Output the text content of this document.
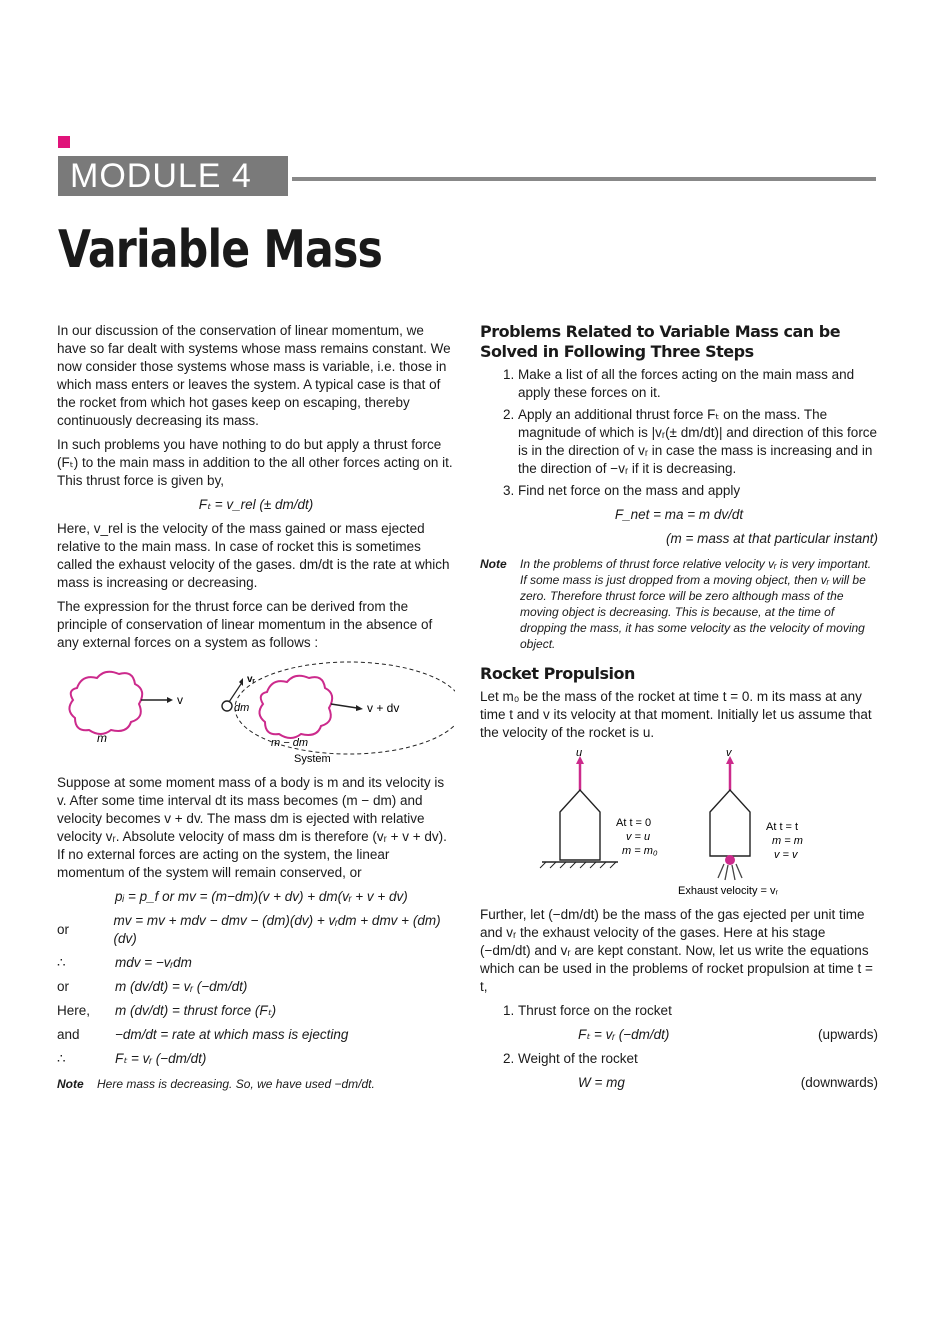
MODULE 4
Variable Mass

In our discussion of the conservation of linear momentum, we have so far dealt with systems whose mass remains constant. We now consider those systems whose mass is variable, i.e. those in which mass enters or leaves the system. A typical case is that of the rocket from which hot gases keep on escaping, thereby continuously decreasing its mass.

In such problems you have nothing to do but apply a thrust force (Fₜ) to the main mass in addition to the all other forces acting on it. This thrust force is given by,

Fₜ = v_rel (± dm/dt)

Here, v_rel is the velocity of the mass gained or mass ejected relative to the main mass. In case of rocket this is sometimes called the exhaust velocity of the gases. dm/dt is the rate at which mass is increasing or decreasing.

The expression for the thrust force can be derived from the principle of conservation of linear momentum in the absence of any external forces on a system as follows :

v
m
vᵣ
dm	v + dv
m − dm
System

Suppose at some moment mass of a body is m and its velocity is v. After some time interval dt its mass becomes (m − dm) and velocity becomes v + dv. The mass dm is ejected with relative velocity vᵣ. Absolute velocity of mass dm is therefore (vᵣ + v + dv). If no external forces are acting on the system, the linear momentum of the system will remain conserved, or

pᵢ = p_f or mv = (m−dm)(v + dv) + dm(vᵣ + v + dv)
or
mv = mv + mdv − dmv − (dm)(dv) + vᵣdm + dmv + (dm)(dv)
∴	mdv = −vᵣdm
or	m (dv/dt) = vᵣ (−dm/dt)
Here,	m (dv/dt) = thrust force (Fₜ)
and	−dm/dt = rate at which mass is ejecting
∴	Fₜ = vᵣ (−dm/dt)
Note	Here mass is decreasing. So, we have used −dm/dt.
Problems Related to Variable Mass can be Solved in Following Three Steps
1. Make a list of all the forces acting on the main mass and apply these forces on it.
2. Apply an additional thrust force Fₜ on the mass. The magnitude of which is |vᵣ(± dm/dt)| and direction of this force is in the direction of vᵣ in case the mass is increasing and in the direction of −vᵣ if it is decreasing.
3. Find net force on the mass and apply
F_net = ma = m dv/dt
(m = mass at that particular instant)
Note	In the problems of thrust force relative velocity vᵣ is very important. If some mass is just dropped from a moving object, then vᵣ will be zero. Therefore thrust force will be zero although mass of the moving object is decreasing. This is because, at the time of dropping the mass, it has some velocity as the velocity of moving object.
Rocket Propulsion

Let m₀ be the mass of the rocket at time t = 0. m its mass at any time t and v its velocity at that moment. Initially let us assume that the velocity of the rocket is u.

u
At t = 0
v = u
m = m₀
v
At t = t
m = m
v = v
Exhaust velocity = vᵣ

Further, let (−dm/dt) be the mass of the gas ejected per unit time and vᵣ the exhaust velocity of the gases. Here at his stage (−dm/dt) and vᵣ are kept constant. Now, let us write the equations which can be used in the problems of rocket propulsion at time t = t,

1. Thrust force on the rocket
Fₜ = vᵣ (−dm/dt)	(upwards)
2. Weight of the rocket
W = mg	(downwards)
